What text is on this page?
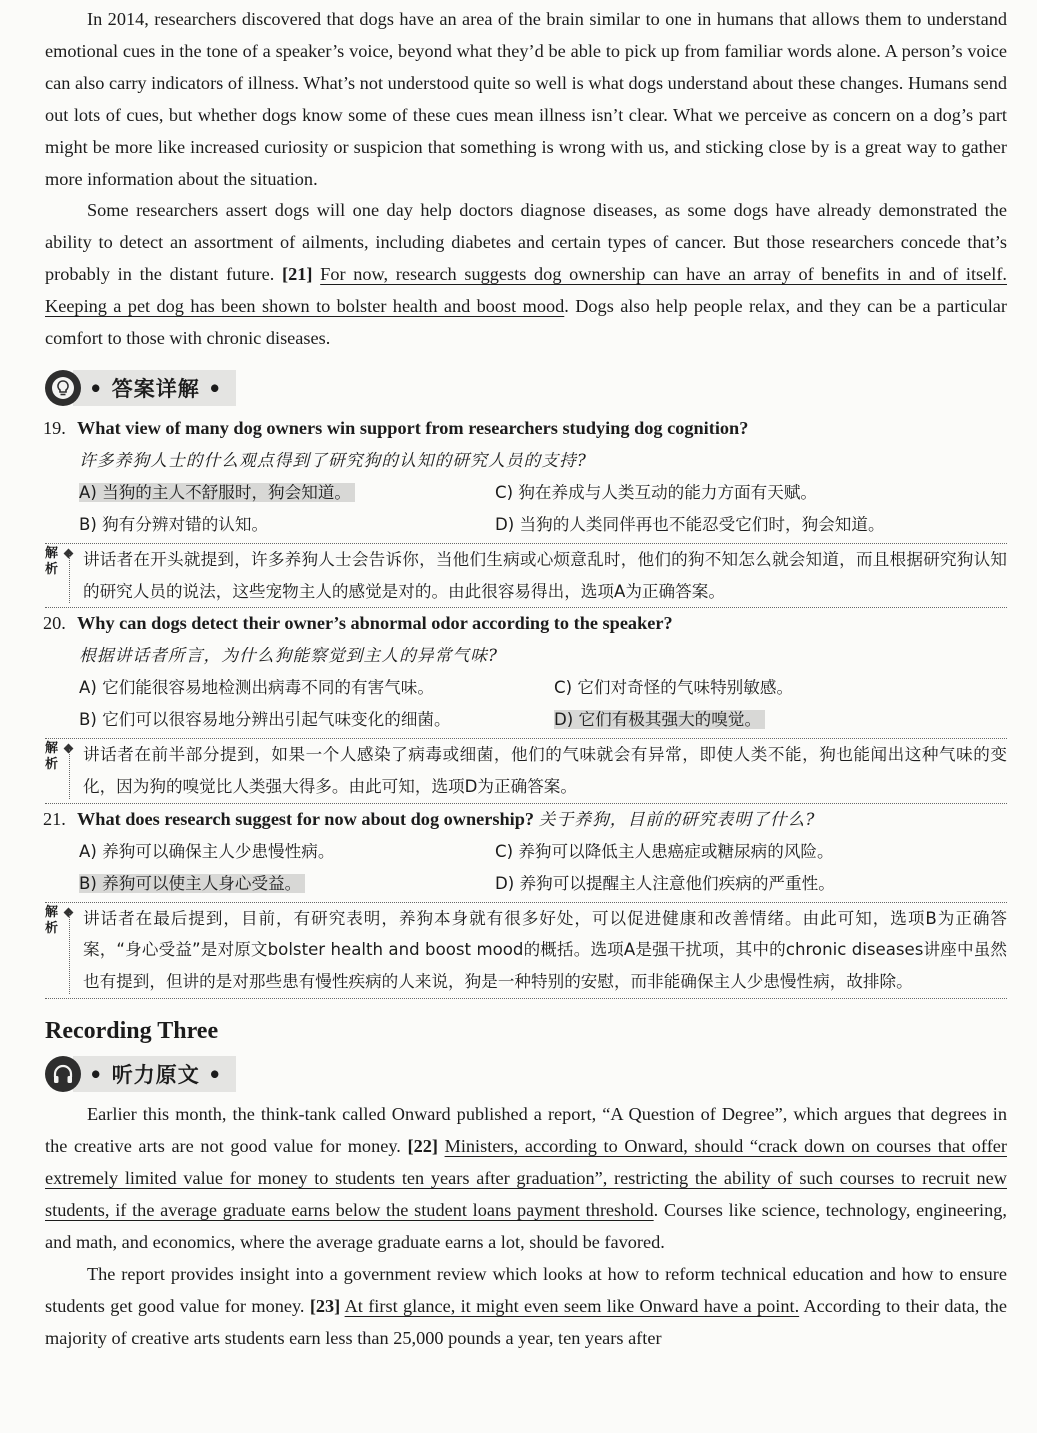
In 2014, researchers discovered that dogs have an area of the brain similar to one in humans that allows them to understand emotional cues in the tone of a speaker’s voice, beyond what they’d be able to pick up from familiar words alone. A person’s voice can also carry indicators of illness. What’s not understood quite so well is what dogs understand about these changes. Humans send out lots of cues, but whether dogs know some of these cues mean illness isn’t clear. What we perceive as concern on a dog’s part might be more like increased curiosity or suspicion that something is wrong with us, and sticking close by is a great way to gather more information about the situation.

Some researchers assert dogs will one day help doctors diagnose diseases, as some dogs have already demonstrated the ability to detect an assortment of ailments, including diabetes and certain types of cancer. But those researchers concede that’s probably in the distant future. [21] For now, research suggests dog ownership can have an array of benefits in and of itself. Keeping a pet dog has been shown to bolster health and boost mood. Dogs also help people relax, and they can be a particular comfort to those with chronic diseases.

• 答案详解 •

19. What view of many dog owners win support from researchers studying dog cognition?

许多养狗人士的什么观点得到了研究狗的认知的研究人员的支持?

A) 当狗的主人不舒服时，狗会知道。	C) 狗在养成与人类互动的能力方面有天赋。
B) 狗有分辨对错的认知。	D) 当狗的人类同伴再也不能忍受它们时，狗会知道。
解析
讲话者在开头就提到，许多养狗人士会告诉你，当他们生病或心烦意乱时，他们的狗不知怎么就会知道，而且根据研究狗认知的研究人员的说法，这些宠物主人的感觉是对的。由此很容易得出，选项A为正确答案。

20. Why can dogs detect their owner’s abnormal odor according to the speaker?

根据讲话者所言，为什么狗能察觉到主人的异常气味?

A) 它们能很容易地检测出病毒不同的有害气味。	C) 它们对奇怪的气味特别敏感。
B) 它们可以很容易地分辨出引起气味变化的细菌。	D) 它们有极其强大的嗅觉。
解析
讲话者在前半部分提到，如果一个人感染了病毒或细菌，他们的气味就会有异常，即使人类不能，狗也能闻出这种气味的变化，因为狗的嗅觉比人类强大得多。由此可知，选项D为正确答案。

21. What does research suggest for now about dog ownership? 关于养狗，目前的研究表明了什么?

A) 养狗可以确保主人少患慢性病。	C) 养狗可以降低主人患癌症或糖尿病的风险。
B) 养狗可以使主人身心受益。	D) 养狗可以提醒主人注意他们疾病的严重性。
解析
讲话者在最后提到，目前，有研究表明，养狗本身就有很多好处，可以促进健康和改善情绪。由此可知，选项B为正确答案，“身心受益”是对原文bolster health and boost mood的概括。选项A是强干扰项，其中的chronic diseases讲座中虽然也有提到，但讲的是对那些患有慢性疾病的人来说，狗是一种特别的安慰，而非能确保主人少患慢性病，故排除。
Recording Three
• 听力原文 •

Earlier this month, the think-tank called Onward published a report, “A Question of Degree”, which argues that degrees in the creative arts are not good value for money. [22] Ministers, according to Onward, should “crack down on courses that offer extremely limited value for money to students ten years after graduation”, restricting the ability of such courses to recruit new students, if the average graduate earns below the student loans payment threshold. Courses like science, technology, engineering, and math, and economics, where the average graduate earns a lot, should be favored.

The report provides insight into a government review which looks at how to reform technical education and how to ensure students get good value for money. [23] At first glance, it might even seem like Onward have a point. According to their data, the majority of creative arts students earn less than 25,000 pounds a year, ten years after
